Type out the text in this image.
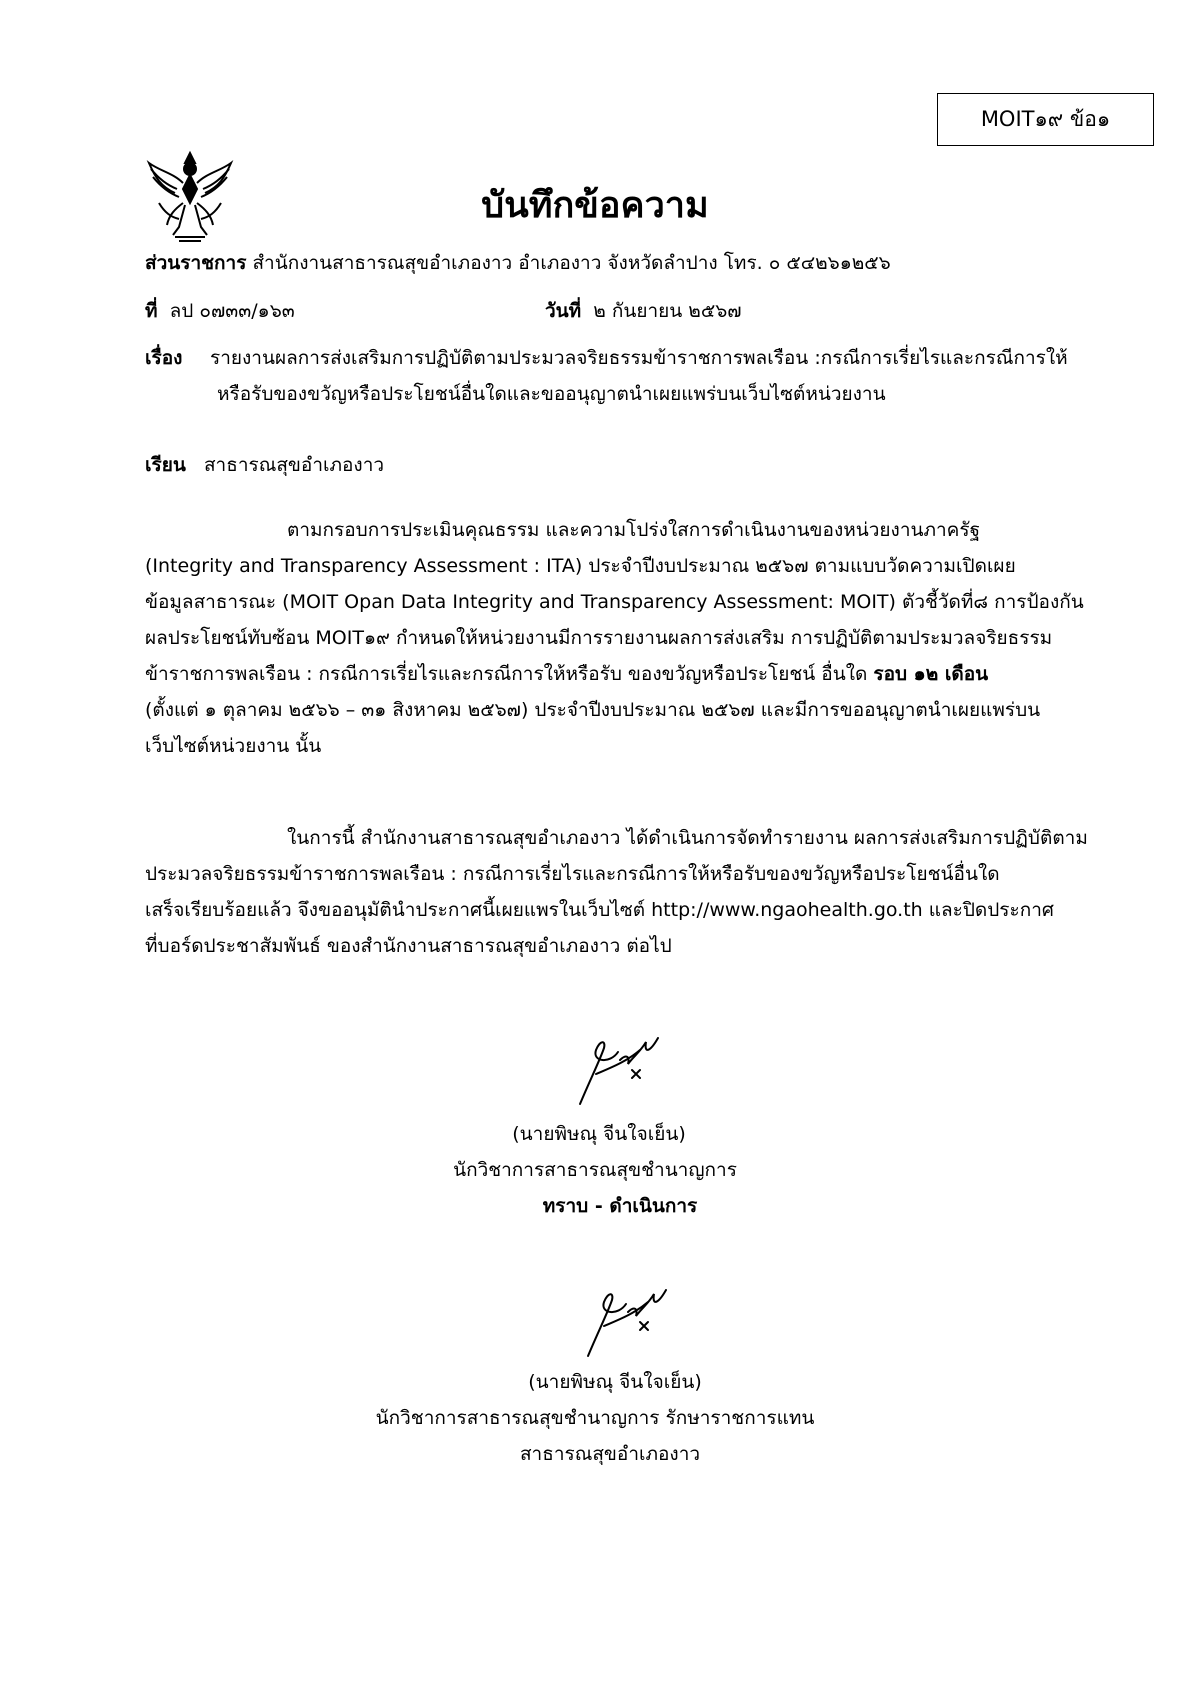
MOIT๑๙ ข้อ๑
บันทึกข้อความ
ส่วนราชการ สำนักงานสาธารณสุขอำเภองาว อำเภองาว จังหวัดลำปาง โทร. ๐ ๕๔๒๖๑๒๕๖
ที่ ลป ๐๗๓๓/๑๖๓	วันที่ ๒ กันยายน ๒๕๖๗
เรื่อง รายงานผลการส่งเสริมการปฏิบัติตามประมวลจริยธรรมข้าราชการพลเรือน :กรณีการเรี่ยไรและกรณีการให้
หรือรับของขวัญหรือประโยชน์อื่นใดและขออนุญาตนำเผยแพร่บนเว็บไซต์หน่วยงาน
เรียน สาธารณสุขอำเภองาว
ตามกรอบการประเมินคุณธรรม และความโปร่งใสการดำเนินงานของหน่วยงานภาครัฐ
(Integrity and Transparency Assessment : ITA) ประจำปีงบประมาณ ๒๕๖๗ ตามแบบวัดความเปิดเผย
ข้อมูลสาธารณะ (MOIT Opan Data Integrity and Transparency Assessment: MOIT) ตัวชี้วัดที่๘ การป้องกัน
ผลประโยชน์ทับซ้อน MOIT๑๙ กำหนดให้หน่วยงานมีการรายงานผลการส่งเสริม การปฏิบัติตามประมวลจริยธรรม
ข้าราชการพลเรือน : กรณีการเรี่ยไรและกรณีการให้หรือรับ ของขวัญหรือประโยชน์ อื่นใด รอบ ๑๒ เดือน
(ตั้งแต่ ๑ ตุลาคม ๒๕๖๖ – ๓๑ สิงหาคม ๒๕๖๗) ประจำปีงบประมาณ ๒๕๖๗ และมีการขออนุญาตนำเผยแพร่บน
เว็บไซต์หน่วยงาน นั้น
ในการนี้ สำนักงานสาธารณสุขอำเภองาว ได้ดำเนินการจัดทำรายงาน ผลการส่งเสริมการปฏิบัติตาม
ประมวลจริยธรรมข้าราชการพลเรือน : กรณีการเรี่ยไรและกรณีการให้หรือรับของขวัญหรือประโยชน์อื่นใด
เสร็จเรียบร้อยแล้ว จึงขออนุมัตินำประกาศนี้เผยแพรในเว็บไซต์ http://www.ngaohealth.go.th และปิดประกาศ
ที่บอร์ดประชาสัมพันธ์ ของสำนักงานสาธารณสุขอำเภองาว ต่อไป
(นายพิษณุ จีนใจเย็น)
นักวิชาการสาธารณสุขชำนาญการ
ทราบ - ดำเนินการ
(นายพิษณุ จีนใจเย็น)
นักวิชาการสาธารณสุขชำนาญการ รักษาราชการแทน
สาธารณสุขอำเภองาว
